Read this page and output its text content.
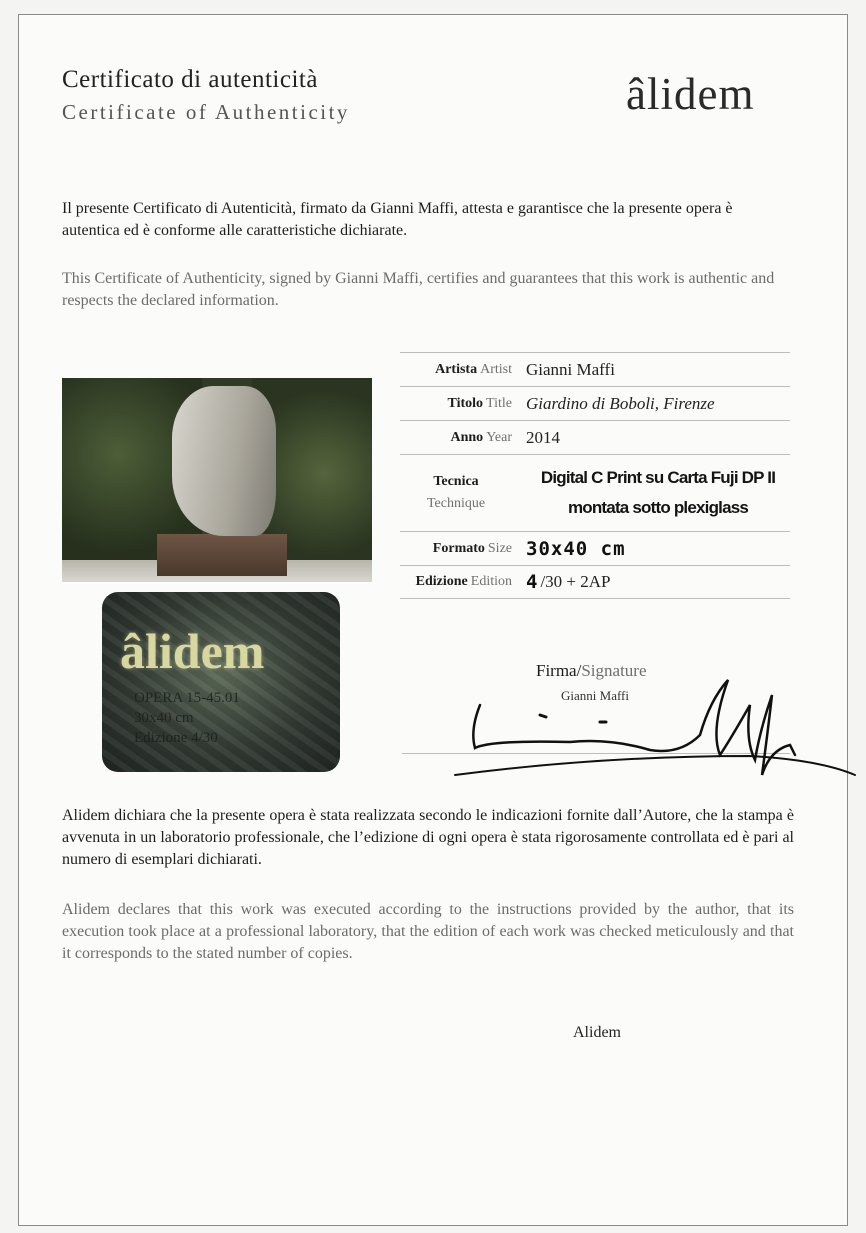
Certificato di autenticità
Certificate of Authenticity	âlidem
Il presente Certificato di Autenticità, firmato da Gianni Maffi, attesta e garantisce che la presente opera è autentica ed è conforme alle caratteristiche dichiarate.
This Certificate of Authenticity, signed by Gianni Maffi, certifies and guarantees that this work is authentic and respects the declared information.
âlidem
OPERA 15-45.01
30x40 cm
Edizione 4/30
Artista Artist Gianni Maffi
Titolo Title Giardino di Boboli, Firenze
Anno Year 2014
Tecnica
Technique
Digital C Print su Carta Fuji DP II
montata sotto plexiglass
Formato Size 30x40 cm
Edizione Edition 4 /30 + 2AP
Firma/Signature
Gianni Maffi
Alidem dichiara che la presente opera è stata realizzata secondo le indicazioni fornite dall’Autore, che la stampa è avvenuta in un laboratorio professionale, che l’edizione di ogni opera è stata rigorosamente controllata ed è pari al numero di esemplari dichiarati.
Alidem declares that this work was executed according to the instructions provided by the author, that its execution took place at a professional laboratory, that the edition of each work was checked meticulously and that it corresponds to the stated number of copies.
Alidem
